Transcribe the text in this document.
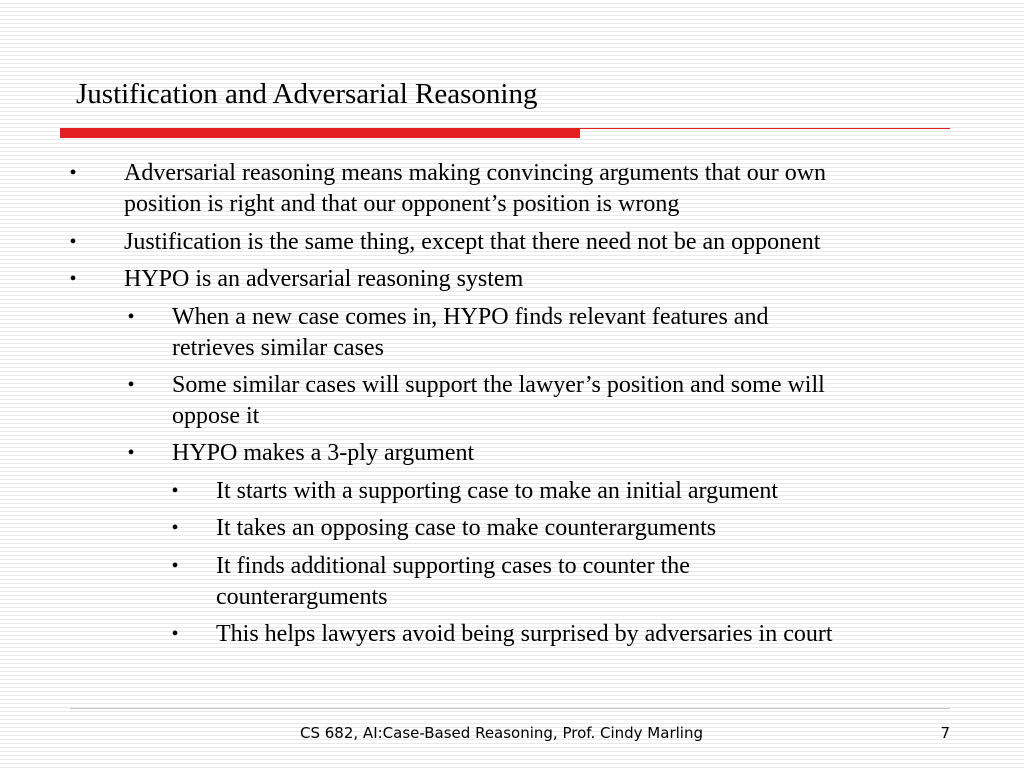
Justification and Adversarial Reasoning
• Adversarial reasoning means making convincing arguments that our own
position is right and that our opponent’s position is wrong
• Justification is the same thing, except that there need not be an opponent
• HYPO is an adversarial reasoning system
• When a new case comes in, HYPO finds relevant features and
retrieves similar cases
• Some similar cases will support the lawyer’s position and some will
oppose it
• HYPO makes a 3-ply argument
• It starts with a supporting case to make an initial argument
• It takes an opposing case to make counterarguments
• It finds additional supporting cases to counter the
counterarguments
• This helps lawyers avoid being surprised by adversaries in court
CS 682, AI:Case-Based Reasoning, Prof. Cindy Marling	7
